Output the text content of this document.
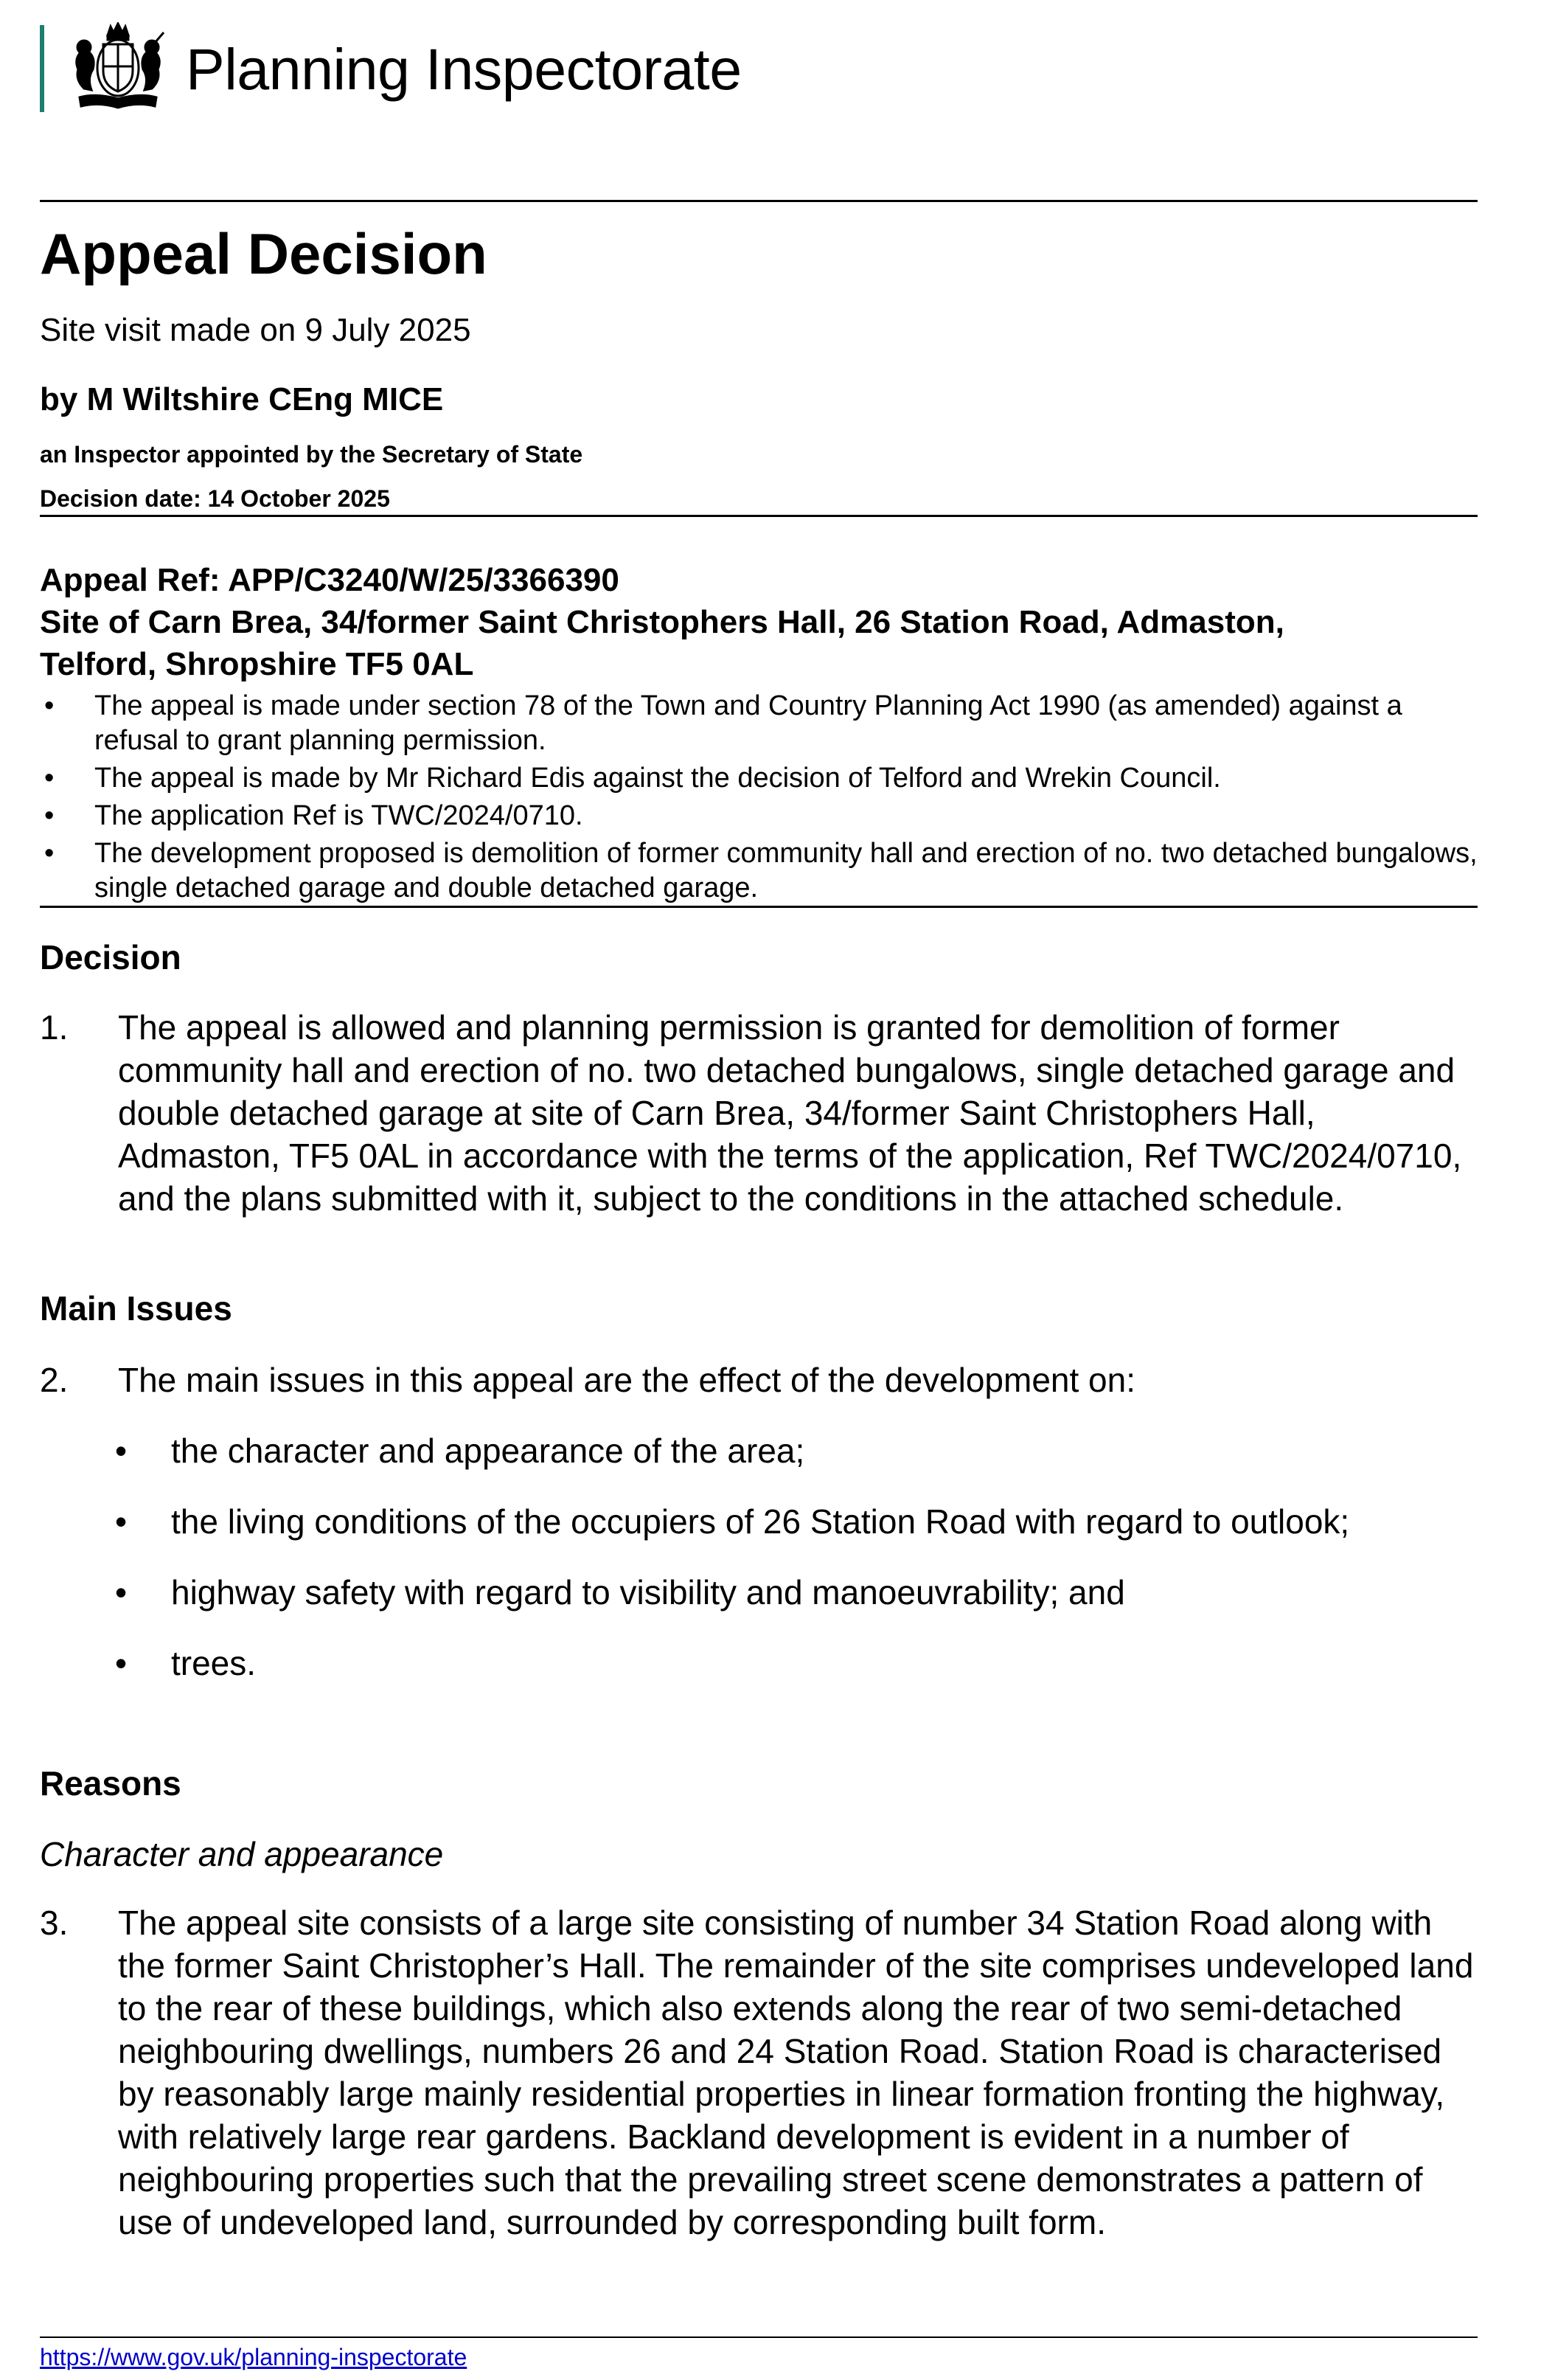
Planning Inspectorate
Appeal Decision
Site visit made on 9 July 2025
by M Wiltshire CEng MICE
an Inspector appointed by the Secretary of State
Decision date: 14 October 2025
Appeal Ref: APP/C3240/W/25/3366390
Site of Carn Brea, 34/former Saint Christophers Hall, 26 Station Road, Admaston,
Telford, Shropshire TF5 0AL
• The appeal is made under section 78 of the Town and Country Planning Act 1990 (as amended) against a refusal to grant planning permission.
• The appeal is made by Mr Richard Edis against the decision of Telford and Wrekin Council.
• The application Ref is TWC/2024/0710.
• The development proposed is demolition of former community hall and erection of no. two detached bungalows, single detached garage and double detached garage.
Decision
1. The appeal is allowed and planning permission is granted for demolition of former community hall and erection of no. two detached bungalows, single detached garage and double detached garage at site of Carn Brea, 34/former Saint Christophers Hall, Admaston, TF5 0AL in accordance with the terms of the application, Ref TWC/2024/0710, and the plans submitted with it, subject to the conditions in the attached schedule.
Main Issues
2. The main issues in this appeal are the effect of the development on:
• the character and appearance of the area;
• the living conditions of the occupiers of 26 Station Road with regard to outlook;
• highway safety with regard to visibility and manoeuvrability; and
• trees.
Reasons
Character and appearance
3. The appeal site consists of a large site consisting of number 34 Station Road along with the former Saint Christopher’s Hall. The remainder of the site comprises undeveloped land to the rear of these buildings, which also extends along the rear of two semi-detached neighbouring dwellings, numbers 26 and 24 Station Road. Station Road is characterised by reasonably large mainly residential properties in linear formation fronting the highway, with relatively large rear gardens. Backland development is evident in a number of neighbouring properties such that the prevailing street scene demonstrates a pattern of use of undeveloped land, surrounded by corresponding built form.
https://www.gov.uk/planning-inspectorate
